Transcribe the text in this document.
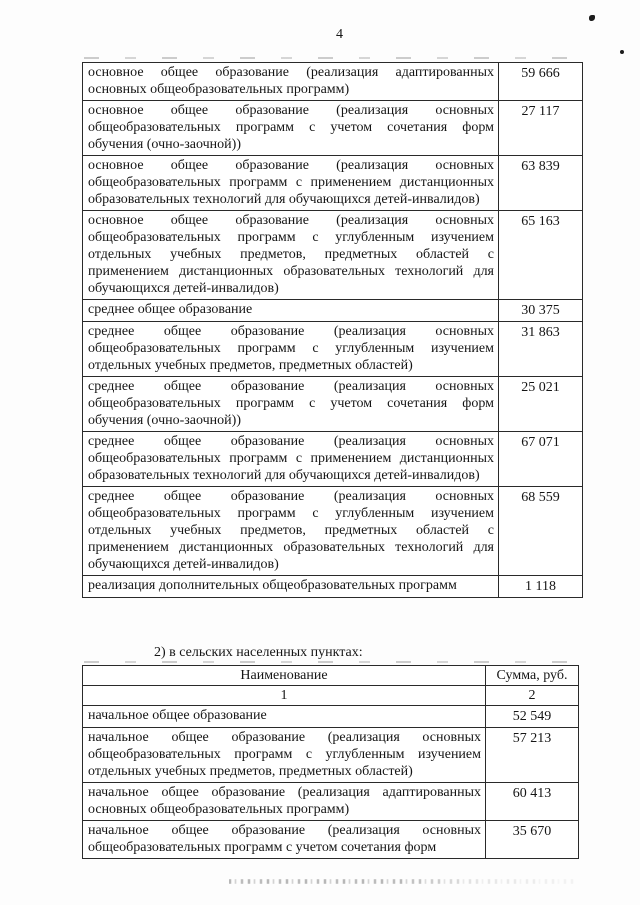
4
основное общее образование (реализация адаптированных основных общеобразовательных программ)	59 666
основное общее образование (реализация основных общеобразовательных программ с учетом сочетания форм обучения (очно-заочной))	27 117
основное общее образование (реализация основных общеобразовательных программ с применением дистанционных образовательных технологий для обучающихся детей-инвалидов)	63 839
основное общее образование (реализация основных общеобразовательных программ с углубленным изучением отдельных учебных предметов, предметных областей с применением дистанционных образовательных технологий для обучающихся детей-инвалидов)	65 163
среднее общее образование	30 375
среднее общее образование (реализация основных общеобразовательных программ с углубленным изучением отдельных учебных предметов, предметных областей)	31 863
среднее общее образование (реализация основных общеобразовательных программ с учетом сочетания форм обучения (очно-заочной))	25 021
среднее общее образование (реализация основных общеобразовательных программ с применением дистанционных образовательных технологий для обучающихся детей-инвалидов)	67 071
среднее общее образование (реализация основных общеобразовательных программ с углубленным изучением отдельных учебных предметов, предметных областей с применением дистанционных образовательных технологий для обучающихся детей-инвалидов)	68 559
реализация дополнительных общеобразовательных программ	1 118

2) в сельских населенных пунктах:

Наименование	Сумма, руб.
1	2
начальное общее образование	52 549
начальное общее образование (реализация основных общеобразовательных программ с углубленным изучением отдельных учебных предметов, предметных областей)	57 213
начальное общее образование (реализация адаптированных основных общеобразовательных программ)	60 413
начальное общее образование (реализация основных общеобразовательных программ с учетом сочетания форм	35 670
